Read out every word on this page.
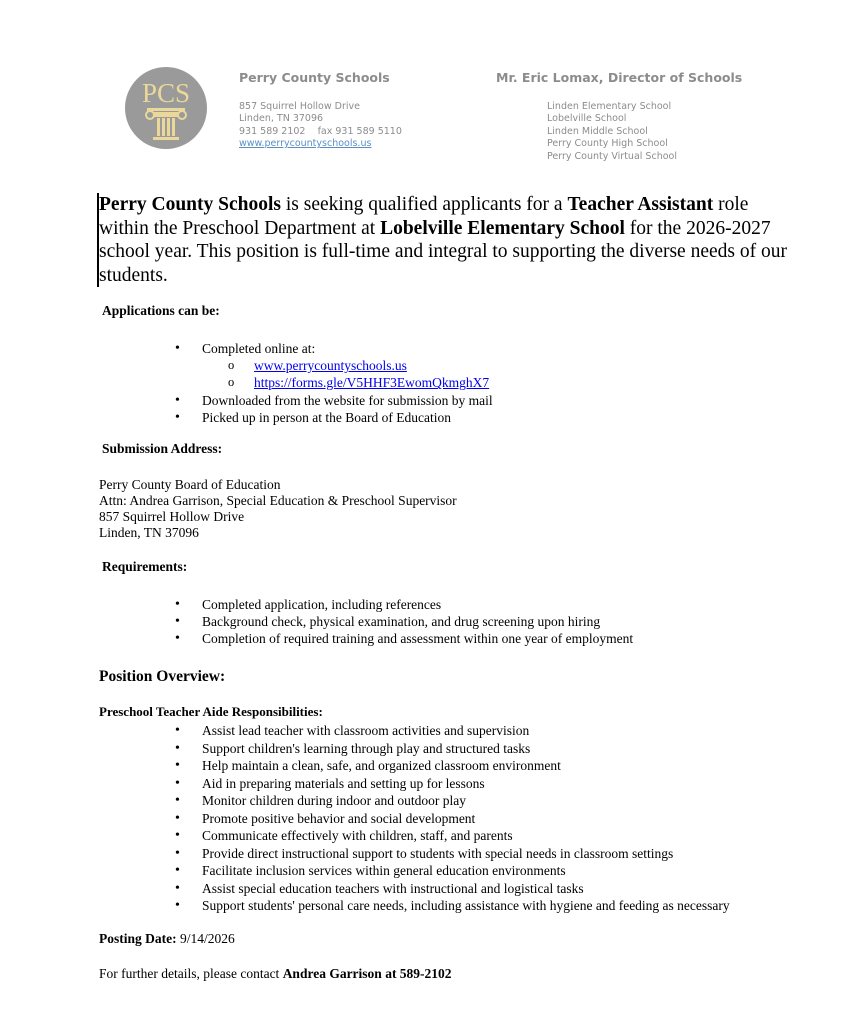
PCS
Perry County Schools
857 Squirrel Hollow Drive
Linden, TN 37096
931 589 2102 fax 931 589 5110
www.perrycountyschools.us
Mr. Eric Lomax, Director of Schools
Linden Elementary School
Lobelville School
Linden Middle School
Perry County High School
Perry County Virtual School
Perry County Schools is seeking qualified applicants for a Teacher Assistant role within the Preschool Department at Lobelville Elementary School for the 2026-2027 school year. This position is full-time and integral to supporting the diverse needs of our students.
Applications can be:
• Completed online at:
o www.perrycountyschools.us
o https://forms.gle/V5HHF3EwomQkmghX7
• Downloaded from the website for submission by mail
• Picked up in person at the Board of Education
Submission Address:
Perry County Board of Education
Attn: Andrea Garrison, Special Education & Preschool Supervisor
857 Squirrel Hollow Drive
Linden, TN 37096
Requirements:
• Completed application, including references
• Background check, physical examination, and drug screening upon hiring
• Completion of required training and assessment within one year of employment
Position Overview:
Preschool Teacher Aide Responsibilities:
• Assist lead teacher with classroom activities and supervision
• Support children's learning through play and structured tasks
• Help maintain a clean, safe, and organized classroom environment
• Aid in preparing materials and setting up for lessons
• Monitor children during indoor and outdoor play
• Promote positive behavior and social development
• Communicate effectively with children, staff, and parents
• Provide direct instructional support to students with special needs in classroom settings
• Facilitate inclusion services within general education environments
• Assist special education teachers with instructional and logistical tasks
• Support students' personal care needs, including assistance with hygiene and feeding as necessary
Posting Date: 9/14/2026
For further details, please contact Andrea Garrison at 589-2102
